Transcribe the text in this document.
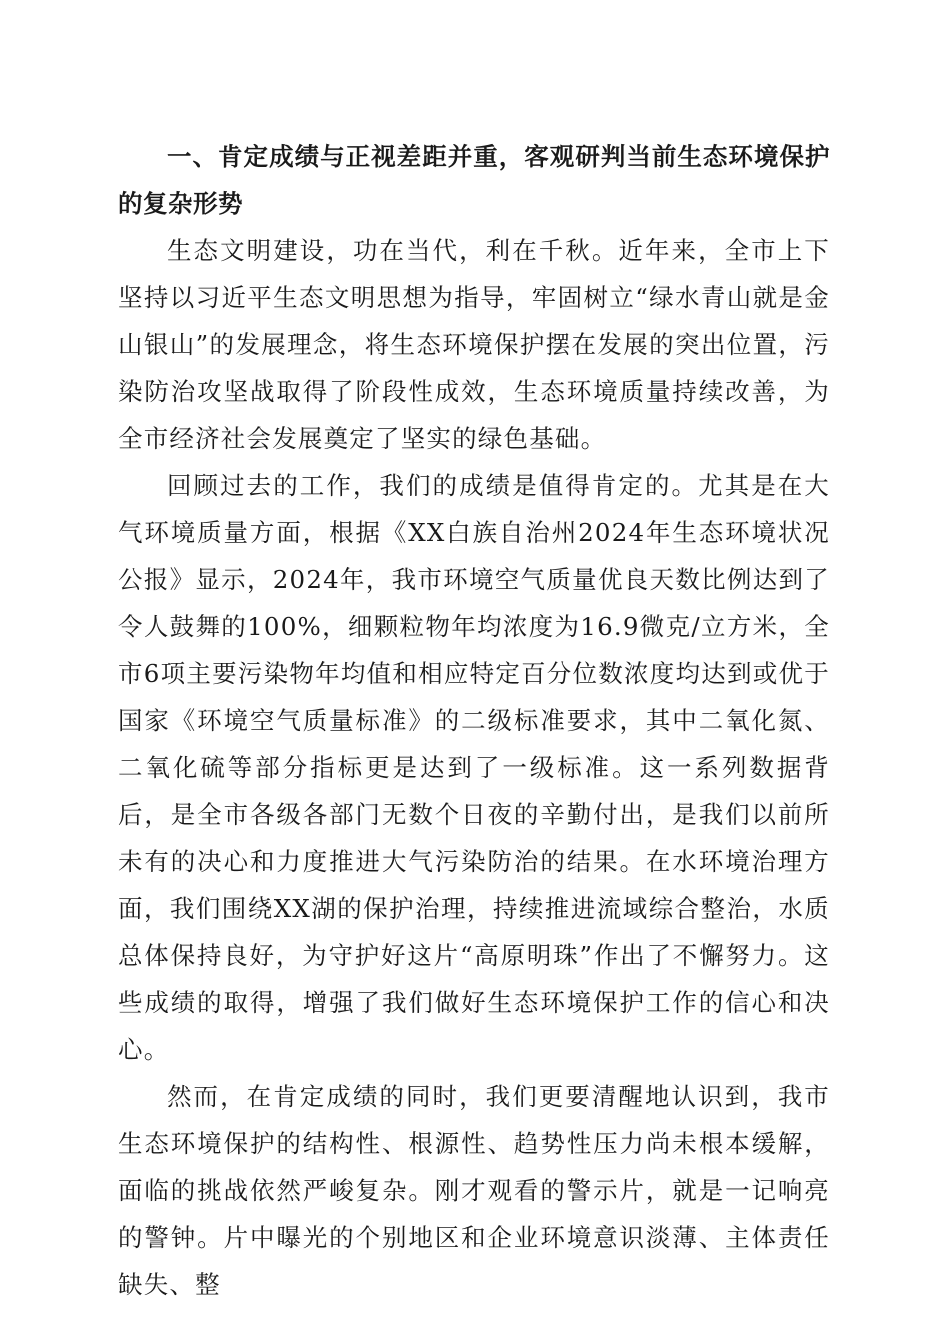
一、肯定成绩与正视差距并重，客观研判当前生态环境保护的复杂形势

生态文明建设，功在当代，利在千秋。近年来，全市上下坚持以习近平生态文明思想为指导，牢固树立“绿水青山就是金山银山”的发展理念，将生态环境保护摆在发展的突出位置，污染防治攻坚战取得了阶段性成效，生态环境质量持续改善，为全市经济社会发展奠定了坚实的绿色基础。

回顾过去的工作，我们的成绩是值得肯定的。尤其是在大气环境质量方面，根据《XX白族自治州2024年生态环境状况公报》显示，2024年，我市环境空气质量优良天数比例达到了令人鼓舞的100%，细颗粒物年均浓度为16.9微克/立方米，全市6项主要污染物年均值和相应特定百分位数浓度均达到或优于国家《环境空气质量标准》的二级标准要求，其中二氧化氮、二氧化硫等部分指标更是达到了一级标准。这一系列数据背后，是全市各级各部门无数个日夜的辛勤付出，是我们以前所未有的决心和力度推进大气污染防治的结果。在水环境治理方面，我们围绕XX湖的保护治理，持续推进流域综合整治，水质总体保持良好，为守护好这片“高原明珠”作出了不懈努力。这些成绩的取得，增强了我们做好生态环境保护工作的信心和决心。

然而，在肯定成绩的同时，我们更要清醒地认识到，我市生态环境保护的结构性、根源性、趋势性压力尚未根本缓解，面临的挑战依然严峻复杂。刚才观看的警示片，就是一记响亮的警钟。片中曝光的个别地区和企业环境意识淡薄、主体责任缺失、整
